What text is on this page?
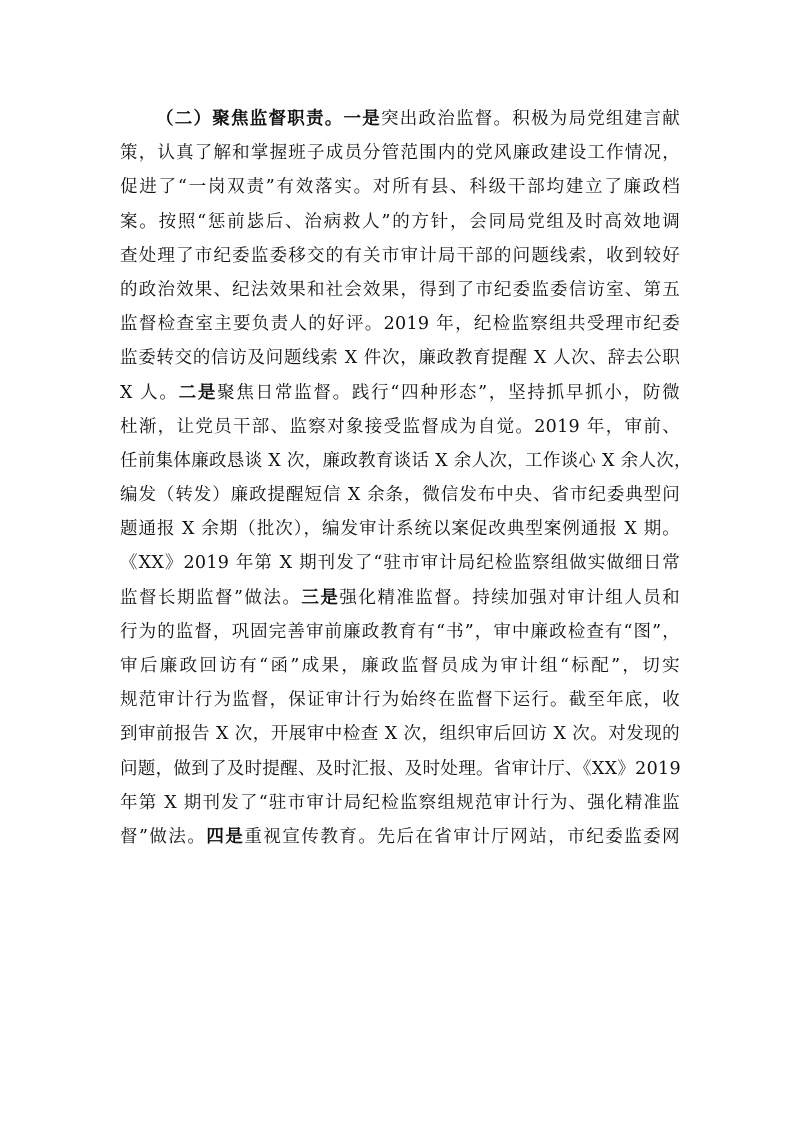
（二）聚焦监督职责。一是突出政治监督。积极为局党组建言献
策，认真了解和掌握班子成员分管范围内的党风廉政建设工作情况，
促进了“一岗双责”有效落实。对所有县、科级干部均建立了廉政档
案。按照“惩前毖后、治病救人”的方针，会同局党组及时高效地调
查处理了市纪委监委移交的有关市审计局干部的问题线索，收到较好
的政治效果、纪法效果和社会效果，得到了市纪委监委信访室、第五
监督检查室主要负责人的好评。2019 年，纪检监察组共受理市纪委
监委转交的信访及问题线索 X 件次，廉政教育提醒 X 人次、辞去公职
X 人。二是聚焦日常监督。践行“四种形态”，坚持抓早抓小，防微
杜渐，让党员干部、监察对象接受监督成为自觉。2019 年，审前、
任前集体廉政恳谈 X 次，廉政教育谈话 X 余人次，工作谈心 X 余人次，
编发（转发）廉政提醒短信 X 余条，微信发布中央、省市纪委典型问
题通报 X 余期（批次），编发审计系统以案促改典型案例通报 X 期。
《XX》2019 年第 X 期刊发了“驻市审计局纪检监察组做实做细日常
监督长期监督”做法。三是强化精准监督。持续加强对审计组人员和
行为的监督，巩固完善审前廉政教育有“书”，审中廉政检查有“图”，
审后廉政回访有“函”成果，廉政监督员成为审计组“标配”，切实
规范审计行为监督，保证审计行为始终在监督下运行。截至年底，收
到审前报告 X 次，开展审中检查 X 次，组织审后回访 X 次。对发现的
问题，做到了及时提醒、及时汇报、及时处理。省审计厅、《XX》2019
年第 X 期刊发了“驻市审计局纪检监察组规范审计行为、强化精准监
督”做法。四是重视宣传教育。先后在省审计厅网站，市纪委监委网
